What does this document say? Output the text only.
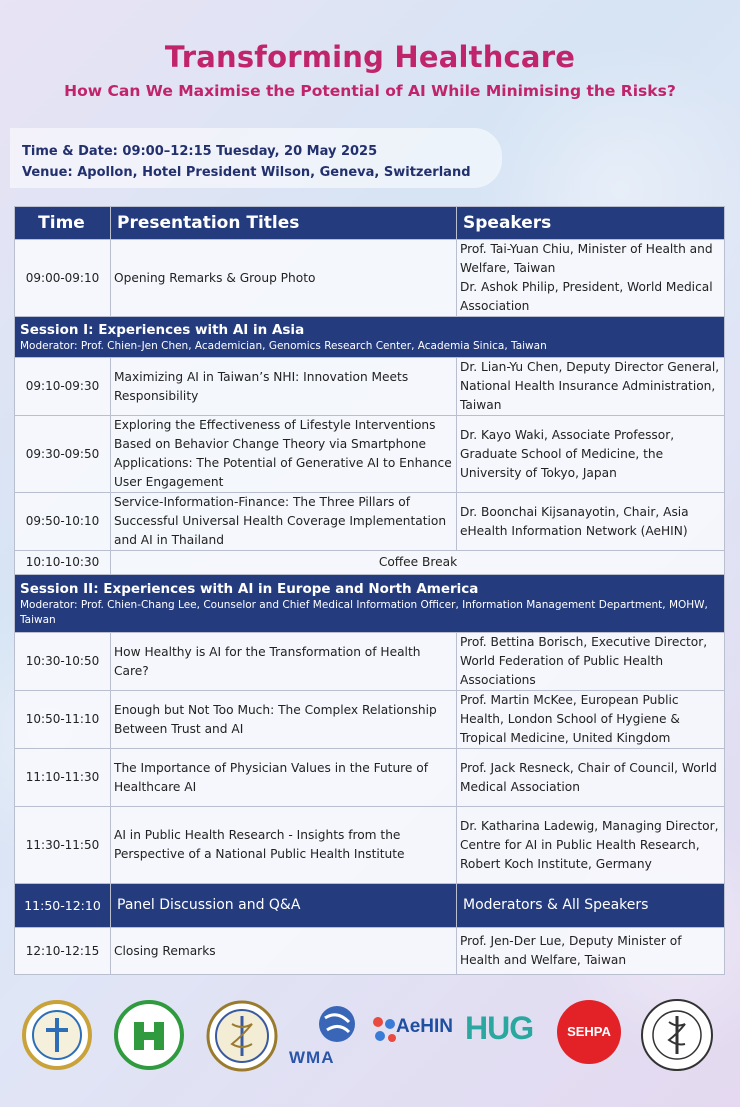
Transforming Healthcare
How Can We Maximise the Potential of AI While Minimising the Risks?
Time & Date: 09:00–12:15 Tuesday, 20 May 2025
Venue: Apollon, Hotel President Wilson, Geneva, Switzerland
Time	Presentation Titles	Speakers
09:00-09:10	Opening Remarks & Group Photo	Prof. Tai-Yuan Chiu, Minister of Health and Welfare, Taiwan
Dr. Ashok Philip, President, World Medical Association

Session I: Experiences with AI in Asia
Moderator: Prof. Chien-Jen Chen, Academician, Genomics Research Center, Academia Sinica, Taiwan		

09:10-09:30	Maximizing AI in Taiwan’s NHI: Innovation Meets Responsibility	Dr. Lian-Yu Chen, Deputy Director General, National Health Insurance Administration, Taiwan
09:30-09:50	Exploring the Effectiveness of Lifestyle Interventions Based on Behavior Change Theory via Smartphone Applications: The Potential of Generative AI to Enhance User Engagement	Dr. Kayo Waki, Associate Professor, Graduate School of Medicine, the University of Tokyo, Japan
09:50-10:10	Service-Information-Finance: The Three Pillars of Successful Universal Health Coverage Implementation and AI in Thailand	Dr. Boonchai Kijsanayotin, Chair, Asia eHealth Information Network (AeHIN)
10:10-10:30	Coffee Break	

Session II: Experiences with AI in Europe and North America
Moderator: Prof. Chien-Chang Lee, Counselor and Chief Medical Information Officer, Information Management Department, MOHW, Taiwan		

10:30-10:50	How Healthy is AI for the Transformation of Health Care?	Prof. Bettina Borisch, Executive Director, World Federation of Public Health Associations
10:50-11:10	Enough but Not Too Much: The Complex Relationship Between Trust and AI	Prof. Martin McKee, European Public Health, London School of Hygiene & Tropical Medicine, United Kingdom
11:10-11:30	The Importance of Physician Values in the Future of Healthcare AI	Prof. Jack Resneck, Chair of Council, World Medical Association
11:30-11:50	AI in Public Health Research - Insights from the Perspective of a National Public Health Institute	Dr. Katharina Ladewig, Managing Director, Centre for AI in Public Health Research, Robert Koch Institute, Germany
11:50-12:10	Panel Discussion and Q&A	Moderators & All Speakers
12:10-12:15	Closing Remarks	Prof. Jen-Der Lue, Deputy Minister of Health and Welfare, Taiwan
WMA
AeHIN HUG	SEHPA
